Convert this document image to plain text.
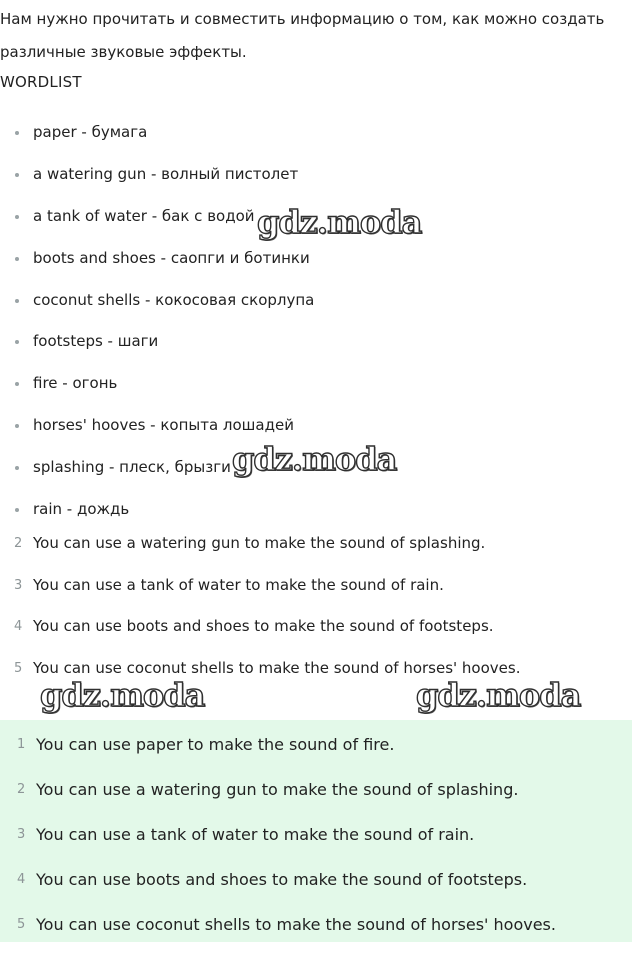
Нам нужно прочитать и совместить информацию о том, как можно создать различные звуковые эффекты.
WORDLIST
paper - бумага
a watering gun - волный пистолет
a tank of water - бак с водой
boots and shoes - саопги и ботинки
coconut shells - кокосовая скорлупа
footsteps - шаги
fire - огонь
horses' hooves - копыта лошадей
splashing - плеск, брызги
rain - дождь
2 You can use a watering gun to make the sound of splashing.
3 You can use a tank of water to make the sound of rain.
4 You can use boots and shoes to make the sound of footsteps.
5 You can use coconut shells to make the sound of horses' hooves.
1 You can use paper to make the sound of fire.
2 You can use a watering gun to make the sound of splashing.
3 You can use a tank of water to make the sound of rain.
4 You can use boots and shoes to make the sound of footsteps.
5 You can use coconut shells to make the sound of horses' hooves.
gdz.moda
gdz.moda
gdz.moda	gdz.moda
